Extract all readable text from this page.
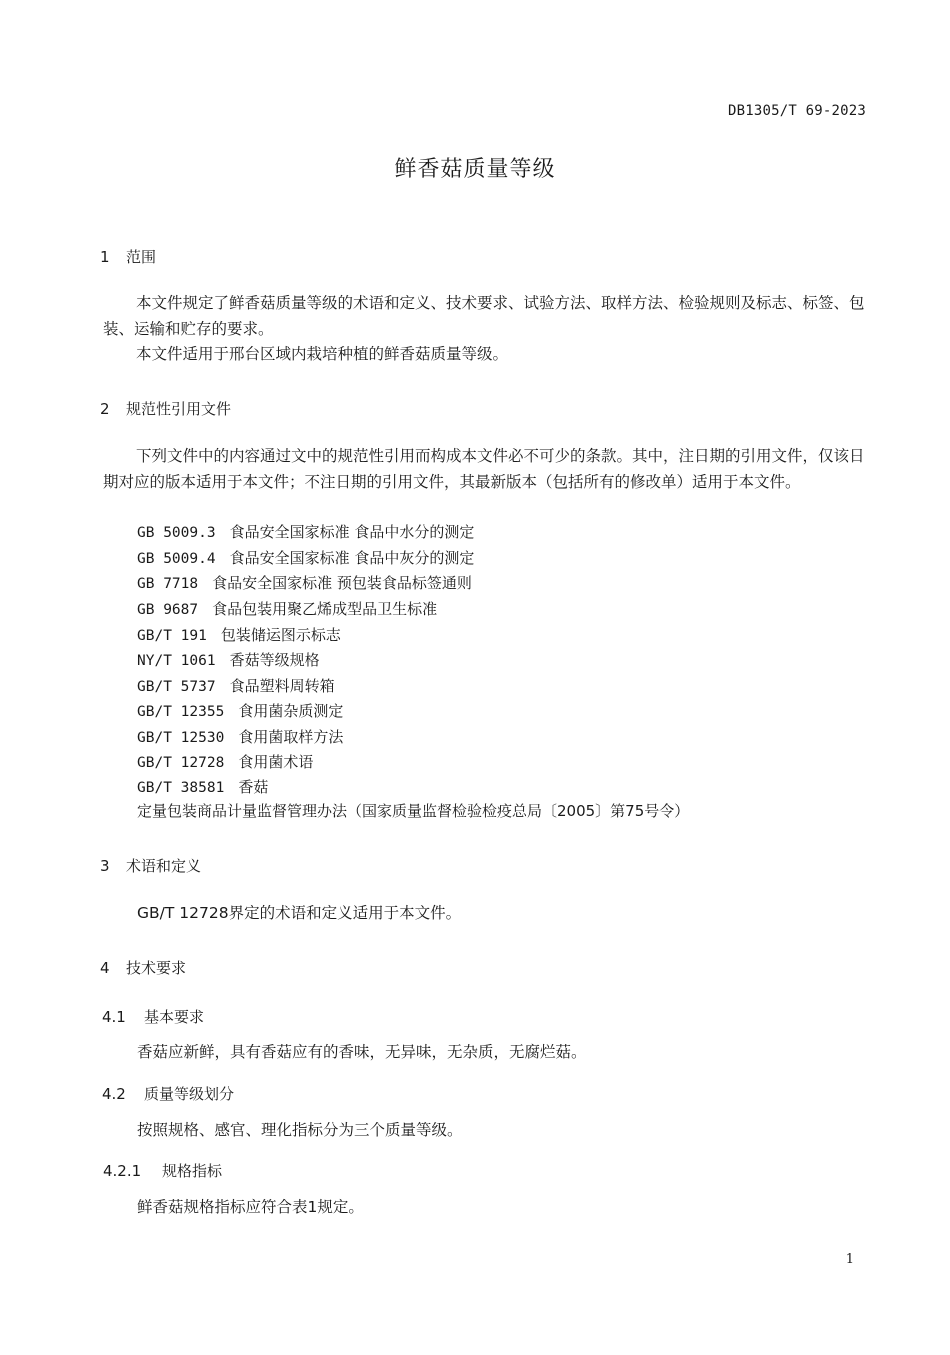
DB1305/T 69-2023
鲜香菇质量等级
1 范围
本文件规定了鲜香菇质量等级的术语和定义、技术要求、试验方法、取样方法、检验规则及标志、标签、包装、运输和贮存的要求。
本文件适用于邢台区域内栽培种植的鲜香菇质量等级。
2 规范性引用文件
下列文件中的内容通过文中的规范性引用而构成本文件必不可少的条款。其中，注日期的引用文件，仅该日期对应的版本适用于本文件；不注日期的引用文件，其最新版本（包括所有的修改单）适用于本文件。
GB 5009.3 食品安全国家标准 食品中水分的测定
GB 5009.4 食品安全国家标准 食品中灰分的测定
GB 7718 食品安全国家标准 预包装食品标签通则
GB 9687 食品包装用聚乙烯成型品卫生标准
GB/T 191 包装储运图示标志
NY/T 1061 香菇等级规格
GB/T 5737 食品塑料周转箱
GB/T 12355 食用菌杂质测定
GB/T 12530 食用菌取样方法
GB/T 12728 食用菌术语
GB/T 38581 香菇
定量包装商品计量监督管理办法（国家质量监督检验检疫总局〔2005〕第75号令）
3 术语和定义
GB/T 12728界定的术语和定义适用于本文件。
4 技术要求
4.1 基本要求
香菇应新鲜，具有香菇应有的香味，无异味，无杂质，无腐烂菇。
4.2 质量等级划分
按照规格、感官、理化指标分为三个质量等级。
4.2.1 规格指标
鲜香菇规格指标应符合表1规定。
1
